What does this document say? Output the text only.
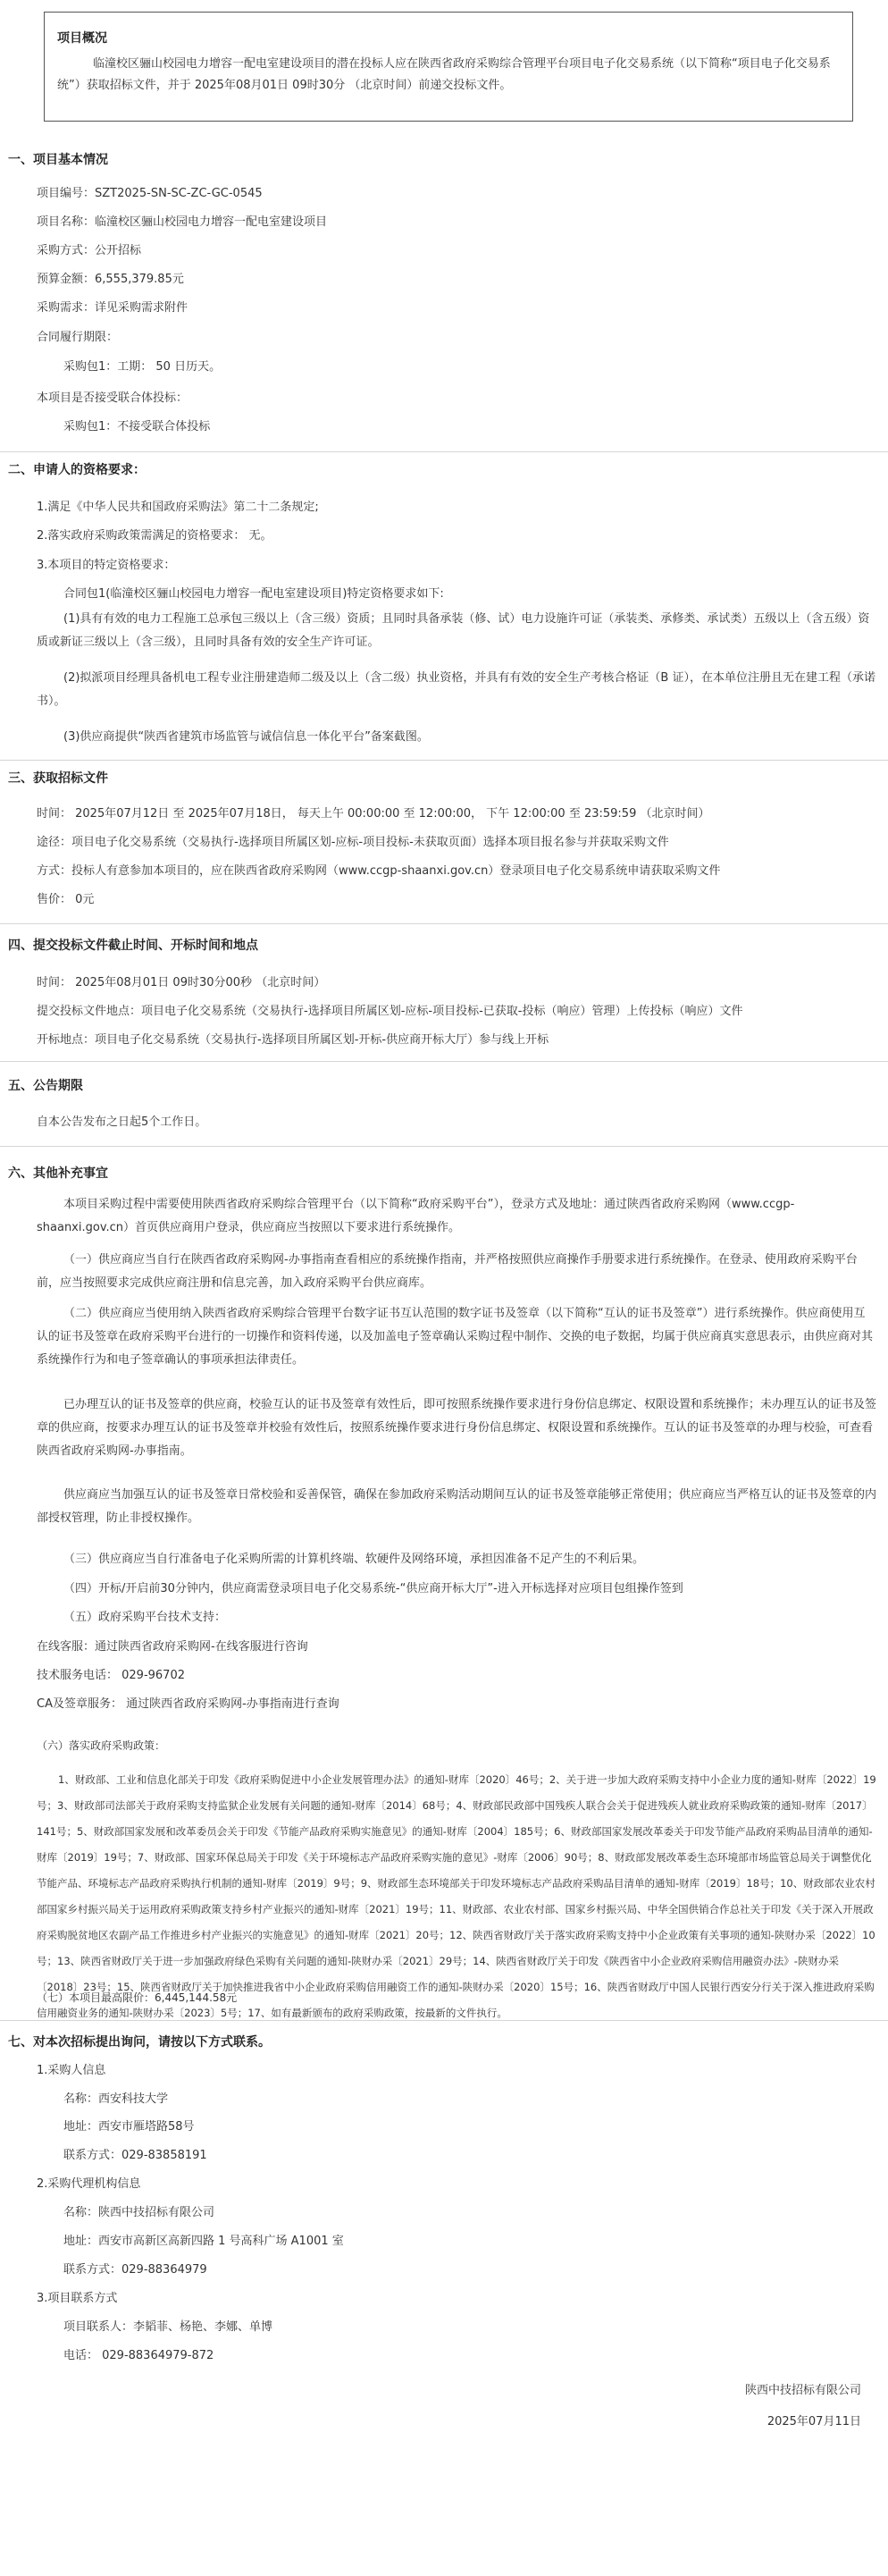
项目概况
临潼校区骊山校园电力增容一配电室建设项目的潜在投标人应在陕西省政府采购综合管理平台项目电子化交易系统（以下简称“项目电子化交易系统”）获取招标文件，并于 2025年08月01日 09时30分 （北京时间）前递交投标文件。
一、项目基本情况
项目编号：SZT2025-SN-SC-ZC-GC-0545
项目名称：临潼校区骊山校园电力增容一配电室建设项目
采购方式：公开招标
预算金额：6,555,379.85元
采购需求：详见采购需求附件
合同履行期限：
采购包1：工期： 50 日历天。
本项目是否接受联合体投标：
采购包1：不接受联合体投标
二、申请人的资格要求：
1.满足《中华人民共和国政府采购法》第二十二条规定;
2.落实政府采购政策需满足的资格要求： 无。
3.本项目的特定资格要求：
合同包1(临潼校区骊山校园电力增容一配电室建设项目)特定资格要求如下:
(1)具有有效的电力工程施工总承包三级以上（含三级）资质；且同时具备承装（修、试）电力设施许可证（承装类、承修类、承试类）五级以上（含五级）资质或新证三级以上（含三级），且同时具备有效的安全生产许可证。
(2)拟派项目经理具备机电工程专业注册建造师二级及以上（含二级）执业资格，并具有有效的安全生产考核合格证（B 证），在本单位注册且无在建工程（承诺书）。
(3)供应商提供“陕西省建筑市场监管与诚信信息一体化平台”备案截图。
三、获取招标文件
时间： 2025年07月12日 至 2025年07月18日， 每天上午 00:00:00 至 12:00:00， 下午 12:00:00 至 23:59:59 （北京时间）
途径：项目电子化交易系统（交易执行-选择项目所属区划-应标-项目投标-未获取页面）选择本项目报名参与并获取采购文件
方式：投标人有意参加本项目的，应在陕西省政府采购网（www.ccgp-shaanxi.gov.cn）登录项目电子化交易系统申请获取采购文件
售价： 0元
四、提交投标文件截止时间、开标时间和地点
时间： 2025年08月01日 09时30分00秒 （北京时间）
提交投标文件地点：项目电子化交易系统（交易执行-选择项目所属区划-应标-项目投标-已获取-投标（响应）管理）上传投标（响应）文件
开标地点：项目电子化交易系统（交易执行-选择项目所属区划-开标-供应商开标大厅）参与线上开标
五、公告期限
自本公告发布之日起5个工作日。
六、其他补充事宜
本项目采购过程中需要使用陕西省政府采购综合管理平台（以下简称“政府采购平台”），登录方式及地址：通过陕西省政府采购网（www.ccgp-shaanxi.gov.cn）首页供应商用户登录，供应商应当按照以下要求进行系统操作。
（一）供应商应当自行在陕西省政府采购网-办事指南查看相应的系统操作指南，并严格按照供应商操作手册要求进行系统操作。在登录、使用政府采购平台前，应当按照要求完成供应商注册和信息完善，加入政府采购平台供应商库。
（二）供应商应当使用纳入陕西省政府采购综合管理平台数字证书互认范围的数字证书及签章（以下简称“互认的证书及签章”）进行系统操作。供应商使用互认的证书及签章在政府采购平台进行的一切操作和资料传递，以及加盖电子签章确认采购过程中制作、交换的电子数据，均属于供应商真实意思表示，由供应商对其系统操作行为和电子签章确认的事项承担法律责任。
已办理互认的证书及签章的供应商，校验互认的证书及签章有效性后，即可按照系统操作要求进行身份信息绑定、权限设置和系统操作；未办理互认的证书及签章的供应商，按要求办理互认的证书及签章并校验有效性后，按照系统操作要求进行身份信息绑定、权限设置和系统操作。互认的证书及签章的办理与校验，可查看陕西省政府采购网-办事指南。
供应商应当加强互认的证书及签章日常校验和妥善保管，确保在参加政府采购活动期间互认的证书及签章能够正常使用；供应商应当严格互认的证书及签章的内部授权管理，防止非授权操作。
（三）供应商应当自行准备电子化采购所需的计算机终端、软硬件及网络环境，承担因准备不足产生的不利后果。
（四）开标/开启前30分钟内，供应商需登录项目电子化交易系统-“供应商开标大厅”-进入开标选择对应项目包组操作签到
（五）政府采购平台技术支持：
在线客服：通过陕西省政府采购网-在线客服进行咨询
技术服务电话： 029-96702
CA及签章服务： 通过陕西省政府采购网-办事指南进行查询
（六）落实政府采购政策：
1、财政部、工业和信息化部关于印发《政府采购促进中小企业发展管理办法》的通知-财库〔2020〕46号；2、关于进一步加大政府采购支持中小企业力度的通知-财库〔2022〕19号；3、财政部司法部关于政府采购支持监狱企业发展有关问题的通知-财库〔2014〕68号；4、财政部民政部中国残疾人联合会关于促进残疾人就业政府采购政策的通知-财库〔2017〕141号；5、财政部国家发展和改革委员会关于印发《节能产品政府采购实施意见》的通知-财库〔2004〕185号；6、财政部国家发展改革委关于印发节能产品政府采购品目清单的通知-财库〔2019〕19号；7、财政部、国家环保总局关于印发《关于环境标志产品政府采购实施的意见》-财库〔2006〕90号；8、财政部发展改革委生态环境部市场监管总局关于调整优化节能产品、环境标志产品政府采购执行机制的通知-财库〔2019〕9号；9、财政部生态环境部关于印发环境标志产品政府采购品目清单的通知-财库〔2019〕18号；10、财政部农业农村部国家乡村振兴局关于运用政府采购政策支持乡村产业振兴的通知-财库〔2021〕19号；11、财政部、农业农村部、国家乡村振兴局、中华全国供销合作总社关于印发《关于深入开展政府采购脱贫地区农副产品工作推进乡村产业振兴的实施意见》的通知-财库〔2021〕20号；12、陕西省财政厅关于落实政府采购支持中小企业政策有关事项的通知-陕财办采〔2022〕10号；13、陕西省财政厅关于进一步加强政府绿色采购有关问题的通知-陕财办采〔2021〕29号；14、陕西省财政厅关于印发《陕西省中小企业政府采购信用融资办法》-陕财办采〔2018〕23号；15、陕西省财政厅关于加快推进我省中小企业政府采购信用融资工作的通知-陕财办采〔2020〕15号；16、陕西省财政厅中国人民银行西安分行关于深入推进政府采购信用融资业务的通知-陕财办采〔2023〕5号；17、如有最新颁布的政府采购政策，按最新的文件执行。
（七）本项目最高限价：6,445,144.58元
七、对本次招标提出询问，请按以下方式联系。
1.采购人信息
名称：西安科技大学
地址：西安市雁塔路58号
联系方式：029-83858191
2.采购代理机构信息
名称：陕西中技招标有限公司
地址：西安市高新区高新四路 1 号高科广场 A1001 室
联系方式：029-88364979
3.项目联系方式
项目联系人：李韬菲、杨艳、李娜、单博
电话： 029-88364979-872
陕西中技招标有限公司
2025年07月11日
